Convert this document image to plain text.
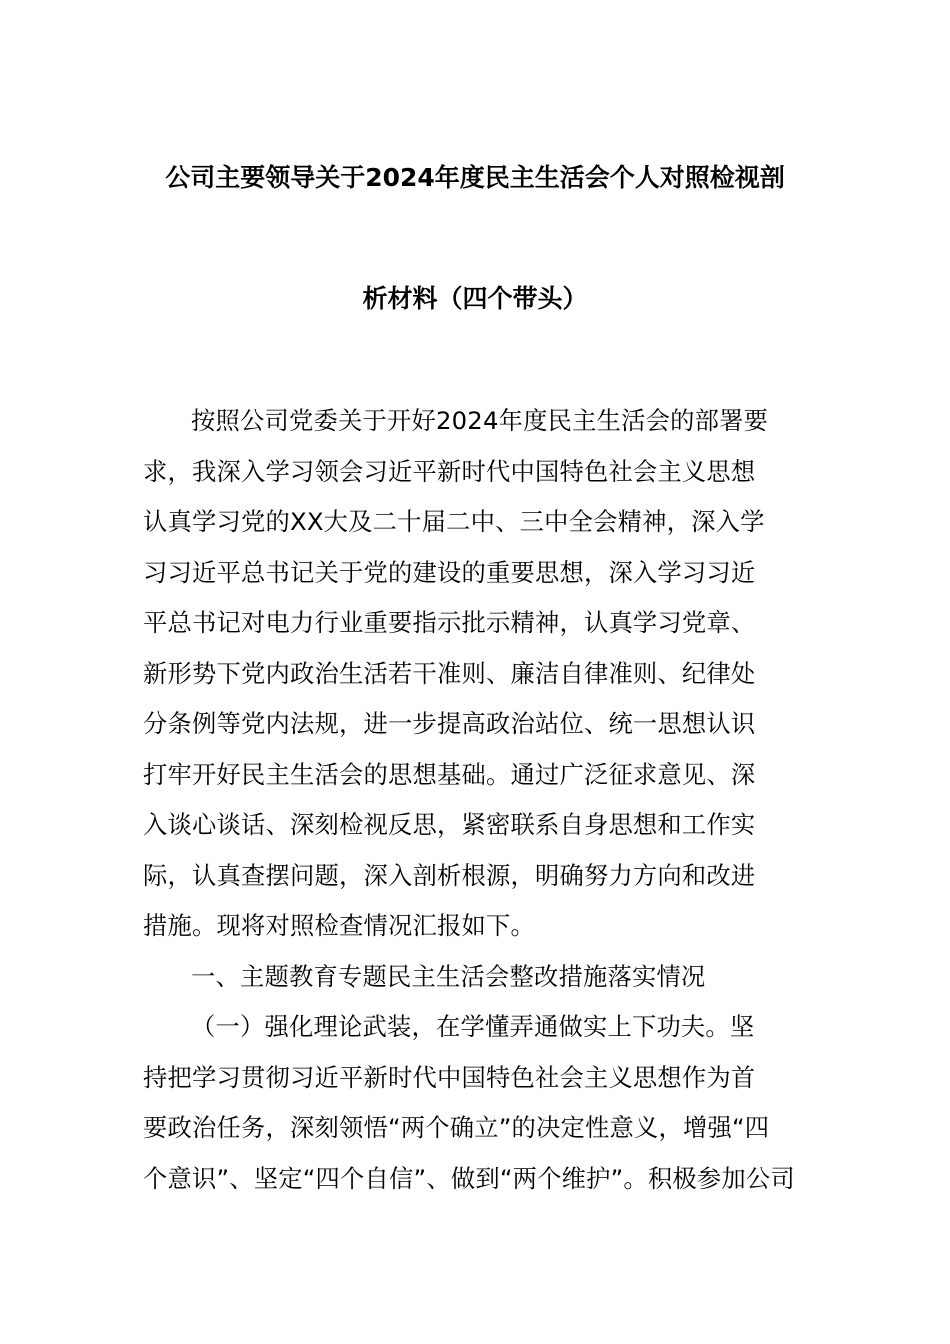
公司主要领导关于2024年度民主生活会个人对照检视剖
析材料（四个带头）
按照公司党委关于开好2024年度民主生活会的部署要
求，我深入学习领会习近平新时代中国特色社会主义思想
认真学习党的XX大及二十届二中、三中全会精神，深入学
习习近平总书记关于党的建设的重要思想，深入学习习近
平总书记对电力行业重要指示批示精神，认真学习党章、
新形势下党内政治生活若干准则、廉洁自律准则、纪律处
分条例等党内法规，进一步提高政治站位、统一思想认识
打牢开好民主生活会的思想基础。通过广泛征求意见、深
入谈心谈话、深刻检视反思，紧密联系自身思想和工作实
际，认真查摆问题，深入剖析根源，明确努力方向和改进
措施。现将对照检查情况汇报如下。
一、主题教育专题民主生活会整改措施落实情况
（一）强化理论武装，在学懂弄通做实上下功夫。坚
持把学习贯彻习近平新时代中国特色社会主义思想作为首
要政治任务，深刻领悟“两个确立”的决定性意义，增强“四
个意识”、坚定“四个自信”、做到“两个维护”。积极参加公司
